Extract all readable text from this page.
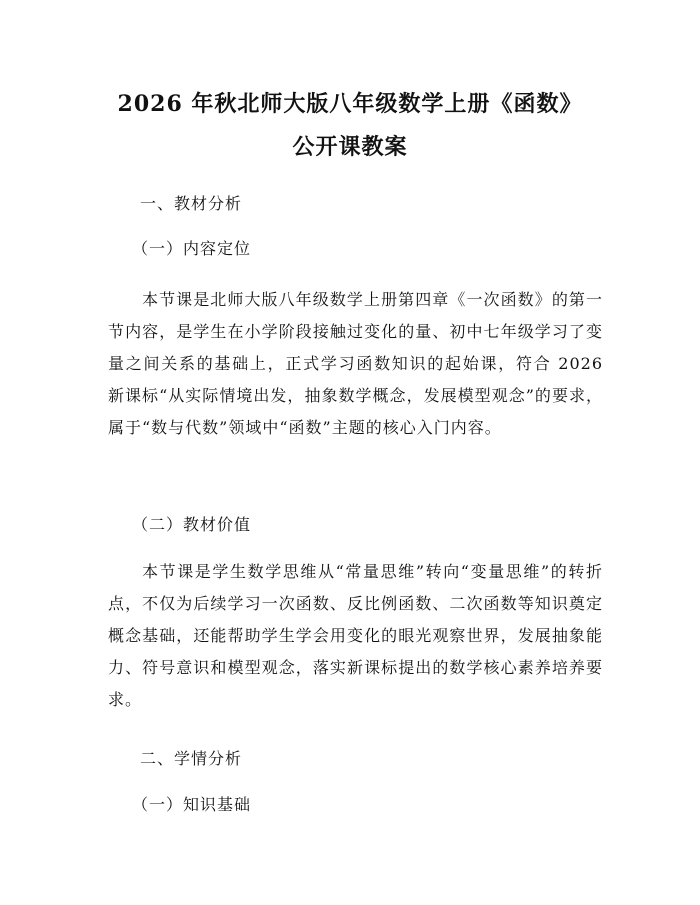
2026 年秋北师大版八年级数学上册《函数》
公开课教案
一、教材分析
（一）内容定位

本节课是北师大版八年级数学上册第四章《一次函数》的第一节内容，是学生在小学阶段接触过变化的量、初中七年级学习了变量之间关系的基础上，正式学习函数知识的起始课，符合 2026 新课标“从实际情境出发，抽象数学概念，发展模型观念”的要求，属于“数与代数”领域中“函数”主题的核心入门内容。

（二）教材价值

本节课是学生数学思维从“常量思维”转向“变量思维”的转折点，不仅为后续学习一次函数、反比例函数、二次函数等知识奠定概念基础，还能帮助学生学会用变化的眼光观察世界，发展抽象能力、符号意识和模型观念，落实新课标提出的数学核心素养培养要求。

二、学情分析
（一）知识基础
